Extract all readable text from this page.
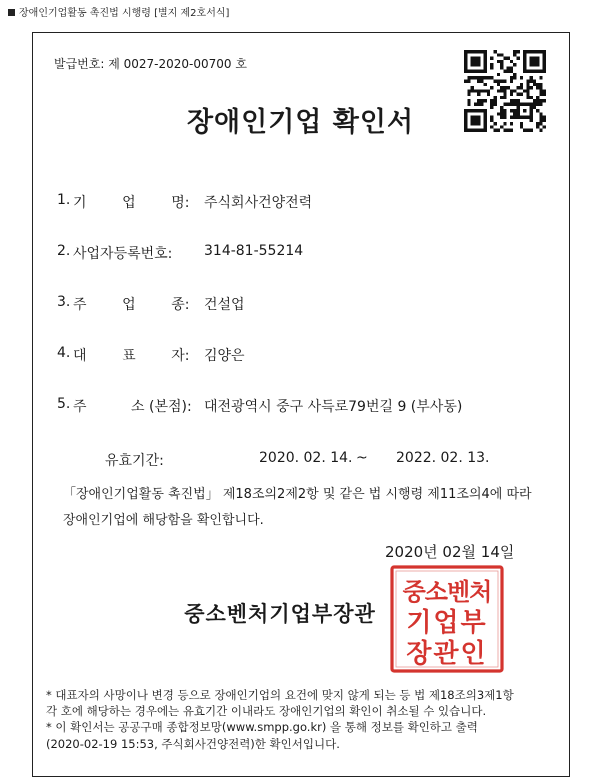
장애인기업활동 촉진법 시행령 [별지 제2호서식]
발급번호: 제 0027-2020-00700 호
장애인기업 확인서
1. 기        업        명: 주식회사건양전력
2. 사업자등록번호: 314-81-55214
3. 주        업        종: 건설업
4. 대        표        자: 김양은
5. 주          소 (본점): 대전광역시 중구 사득로79번길 9 (부사동)
유효기간:	2020. 02. 14. ~ 2022. 02. 13.
「장애인기업활동 촉진법」 제18조의2제2항 및 같은 법 시행령 제11조의4에 따라
장애인기업에 해당함을 확인합니다.
2020년 02월 14일
중소벤처
기업부
장관인
중소벤처기업부장관
* 대표자의 사망이나 변경 등으로 장애인기업의 요건에 맞지 않게 되는 등 법 제18조의3제1항
각 호에 해당하는 경우에는 유효기간 이내라도 장애인기업의 확인이 취소될 수 있습니다.
* 이 확인서는 공공구매 종합정보망(www.smpp.go.kr) 을 통해 정보를 확인하고 출력
(2020-02-19 15:53, 주식회사건양전력)한 확인서입니다.
